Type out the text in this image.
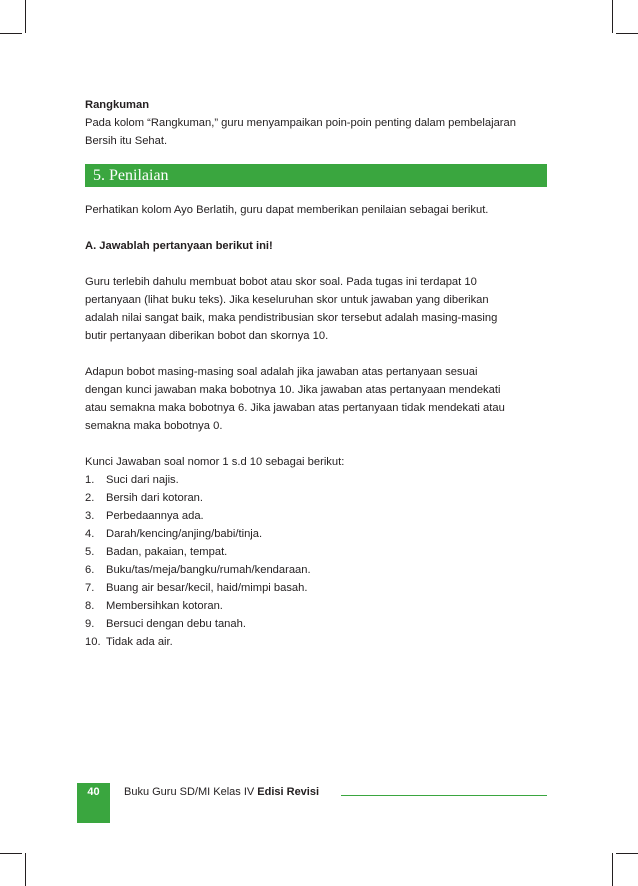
Rangkuman

Pada kolom “Rangkuman,” guru menyampaikan poin-poin penting dalam pembelajaran

Bersih itu Sehat.

5. Penilaian

Perhatikan kolom Ayo Berlatih, guru dapat memberikan penilaian sebagai berikut.

A. Jawablah pertanyaan berikut ini!

Guru terlebih dahulu membuat bobot atau skor soal. Pada tugas ini terdapat 10

pertanyaan (lihat buku teks). Jika keseluruhan skor untuk jawaban yang diberikan

adalah nilai sangat baik, maka pendistribusian skor tersebut adalah masing-masing

butir pertanyaan diberikan bobot dan skornya 10.

Adapun bobot masing-masing soal adalah jika jawaban atas pertanyaan sesuai

dengan kunci jawaban maka bobotnya 10. Jika jawaban atas pertanyaan mendekati

atau semakna maka bobotnya 6. Jika jawaban atas pertanyaan tidak mendekati atau

semakna maka bobotnya 0.

Kunci Jawaban soal nomor 1 s.d 10 sebagai berikut:

1.	Suci dari najis.
2.	Bersih dari kotoran.
3.	Perbedaannya ada.
4.	Darah/kencing/anjing/babi/tinja.
5.	Badan, pakaian, tempat.
6.	Buku/tas/meja/bangku/rumah/kendaraan.
7.	Buang air besar/kecil, haid/mimpi basah.
8.	Membersihkan kotoran.
9.	Bersuci dengan debu tanah.
10. Tidak ada air.
40	Buku Guru SD/MI Kelas IV Edisi Revisi
